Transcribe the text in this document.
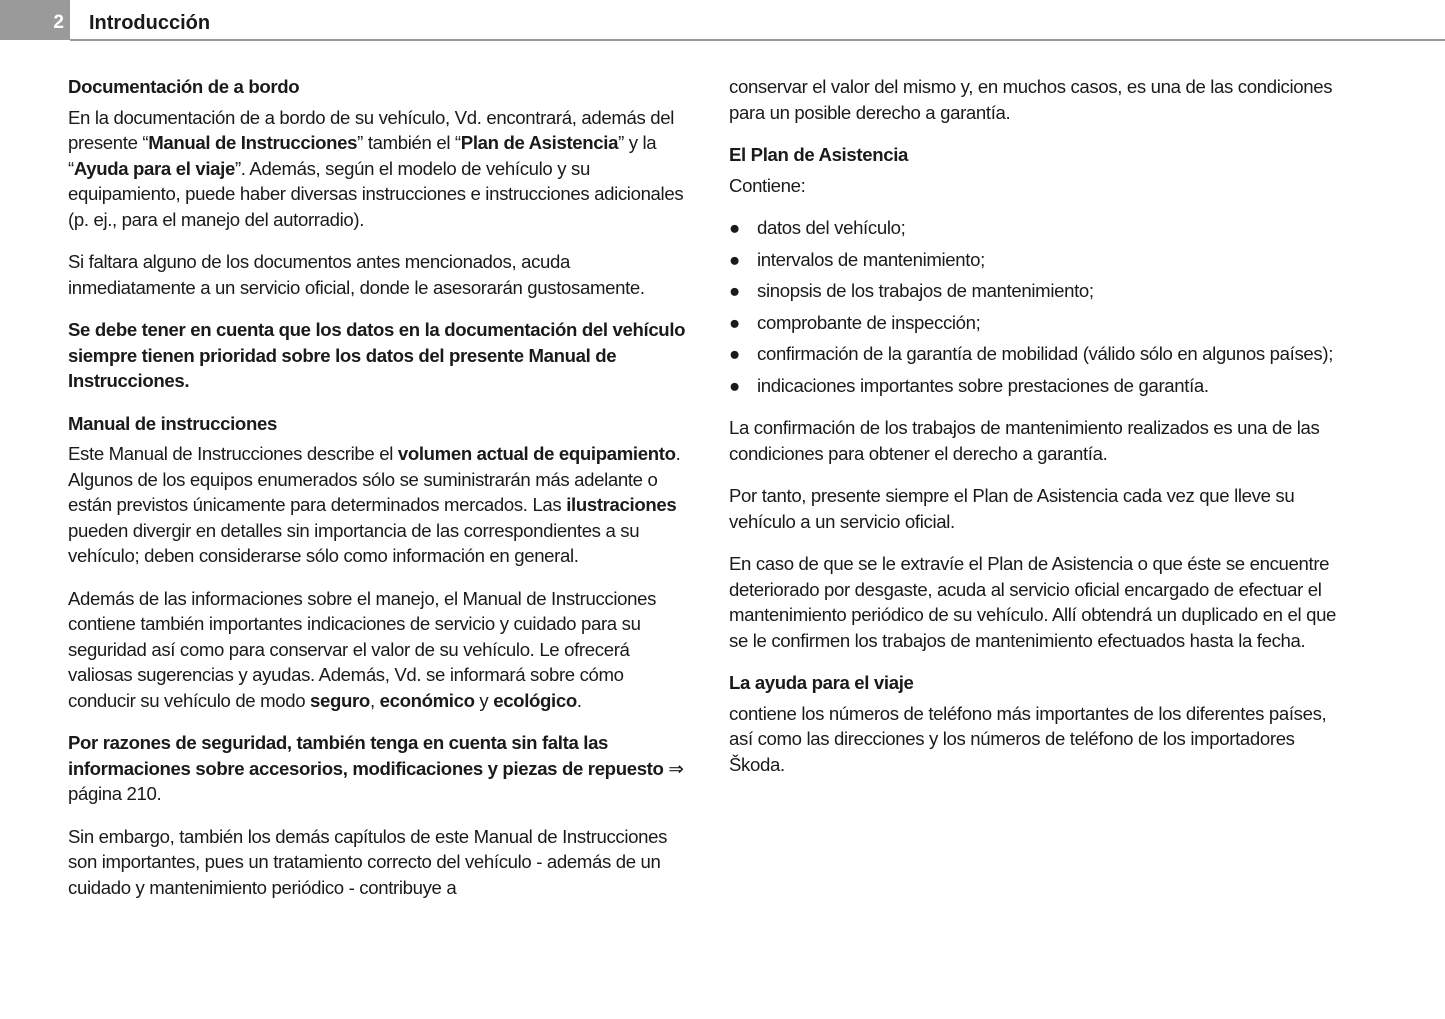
2	Introducción
Documentación de a bordo

En la documentación de a bordo de su vehículo, Vd. encontrará, además del presente “Manual de Instrucciones” también el “Plan de Asistencia” y la “Ayuda para el viaje”. Además, según el modelo de vehículo y su equipamiento, puede haber diversas instrucciones e instrucciones adicionales (p. ej., para el manejo del autorradio).

Si faltara alguno de los documentos antes mencionados, acuda inmediatamente a un servicio oficial, donde le asesorarán gustosamente.

Se debe tener en cuenta que los datos en la documentación del vehículo siempre tienen prioridad sobre los datos del presente Manual de Instrucciones.

Manual de instrucciones

Este Manual de Instrucciones describe el volumen actual de equipamiento. Algunos de los equipos enumerados sólo se suministrarán más adelante o están previstos únicamente para determinados mercados. Las ilustraciones pueden divergir en detalles sin importancia de las correspondientes a su vehículo; deben considerarse sólo como información en general.

Además de las informaciones sobre el manejo, el Manual de Instrucciones contiene también importantes indicaciones de servicio y cuidado para su seguridad así como para conservar el valor de su vehículo. Le ofrecerá valiosas sugerencias y ayudas. Además, Vd. se informará sobre cómo conducir su vehículo de modo seguro, económico y ecológico.

Por razones de seguridad, también tenga en cuenta sin falta las informaciones sobre accesorios, modificaciones y piezas de repuesto ⇒ página 210.

Sin embargo, también los demás capítulos de este Manual de Instrucciones son importantes, pues un tratamiento correcto del vehículo - además de un cuidado y mantenimiento periódico - contribuye a

conservar el valor del mismo y, en muchos casos, es una de las condiciones para un posible derecho a garantía.

El Plan de Asistencia

Contiene:

● datos del vehículo;
● intervalos de mantenimiento;
● sinopsis de los trabajos de mantenimiento;
● comprobante de inspección;
● confirmación de la garantía de mobilidad (válido sólo en algunos países);
● indicaciones importantes sobre prestaciones de garantía.

La confirmación de los trabajos de mantenimiento realizados es una de las condiciones para obtener el derecho a garantía.

Por tanto, presente siempre el Plan de Asistencia cada vez que lleve su vehículo a un servicio oficial.

En caso de que se le extravíe el Plan de Asistencia o que éste se encuentre deteriorado por desgaste, acuda al servicio oficial encargado de efectuar el mantenimiento periódico de su vehículo. Allí obtendrá un duplicado en el que se le confirmen los trabajos de mantenimiento efectuados hasta la fecha.

La ayuda para el viaje

contiene los números de teléfono más importantes de los diferentes países, así como las direcciones y los números de teléfono de los importadores Škoda.
